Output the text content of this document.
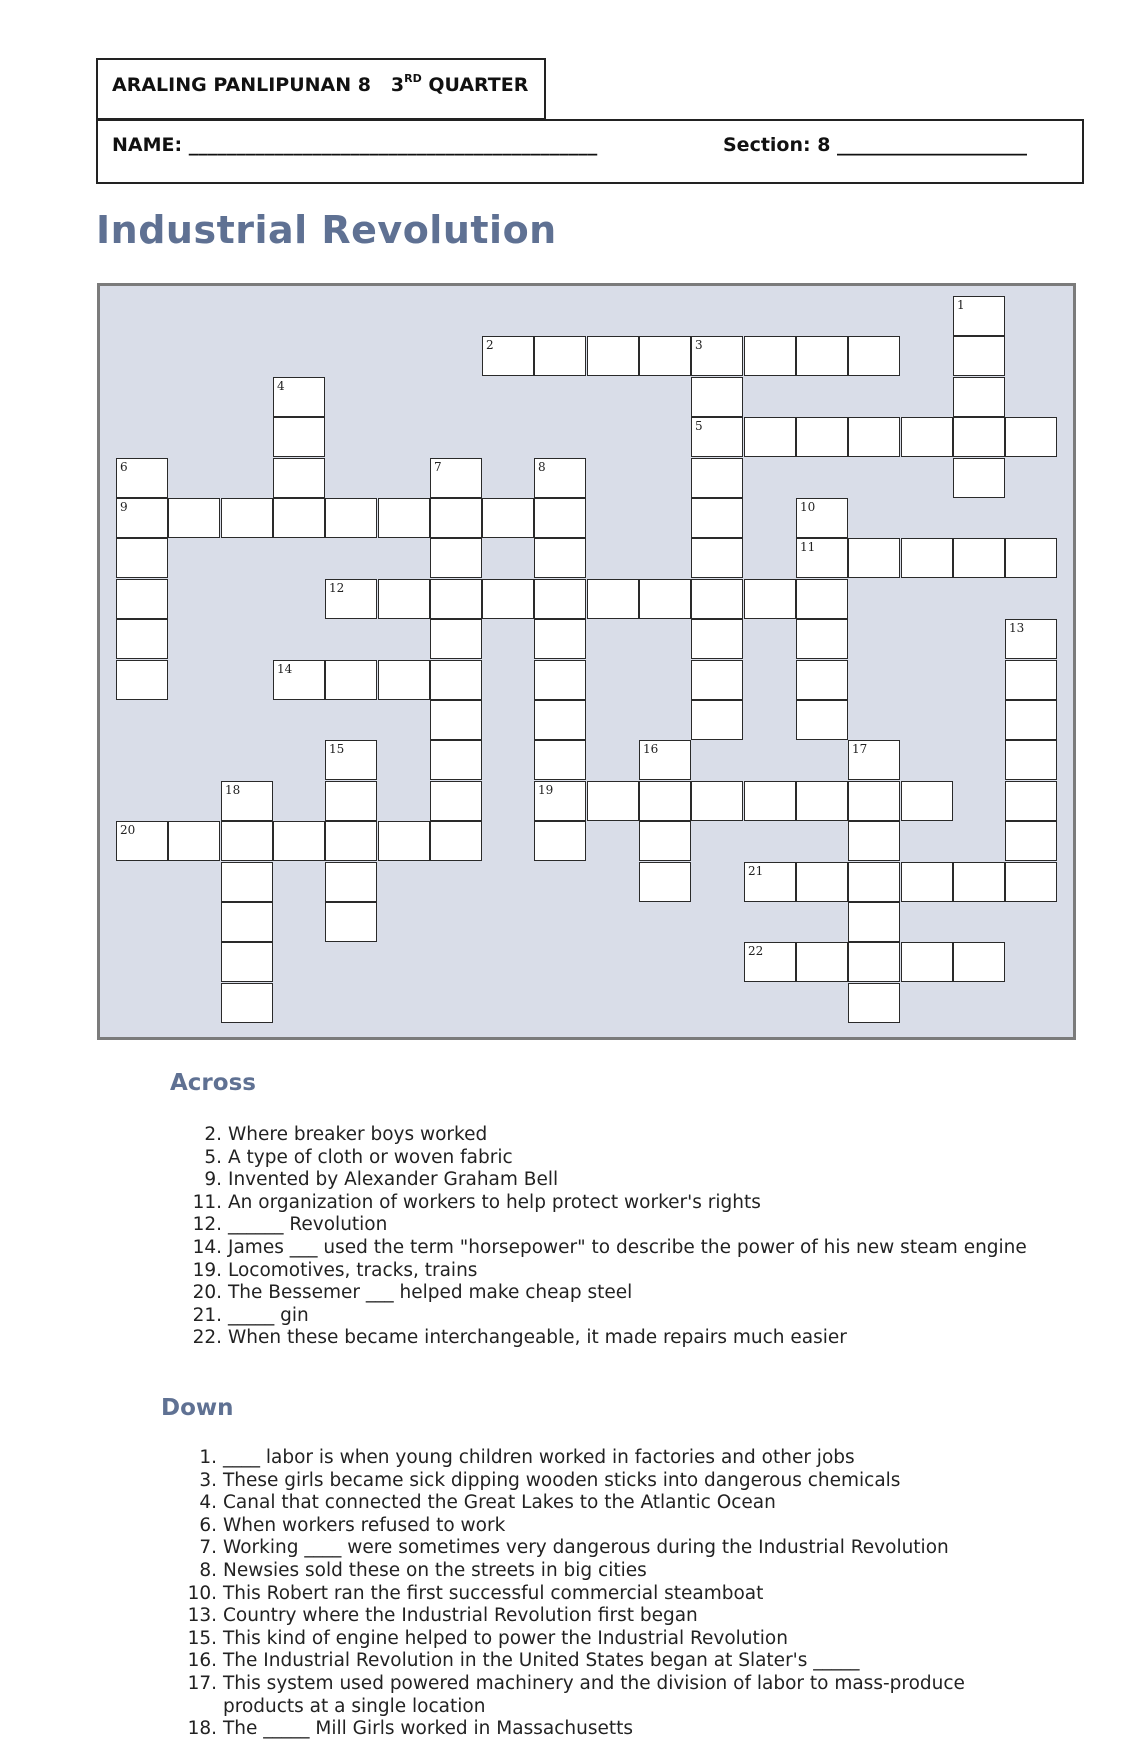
ARALING PANLIPUNAN 8 3RD QUARTER
NAME: ___________________________________________	Section: 8 ____________________
Industrial Revolution
2	3
5
9
11
12
14
19
20
21
22
1
4
6	7	8
10
13
15	16	17
18
Across
2. Where breaker boys worked
5. A type of cloth or woven fabric
9. Invented by Alexander Graham Bell
11. An organization of workers to help protect worker's rights
12. ______ Revolution
14. James ___ used the term "horsepower" to describe the power of his new steam engine
19. Locomotives, tracks, trains
20. The Bessemer ___ helped make cheap steel
21. _____ gin
22. When these became interchangeable, it made repairs much easier
Down
1. ____ labor is when young children worked in factories and other jobs
3. These girls became sick dipping wooden sticks into dangerous chemicals
4. Canal that connected the Great Lakes to the Atlantic Ocean
6. When workers refused to work
7. Working ____ were sometimes very dangerous during the Industrial Revolution
8. Newsies sold these on the streets in big cities
10. This Robert ran the first successful commercial steamboat
13. Country where the Industrial Revolution first began
15. This kind of engine helped to power the Industrial Revolution
16. The Industrial Revolution in the United States began at Slater's _____
17. This system used powered machinery and the division of labor to mass-produce products at a single location
18. The _____ Mill Girls worked in Massachusetts
